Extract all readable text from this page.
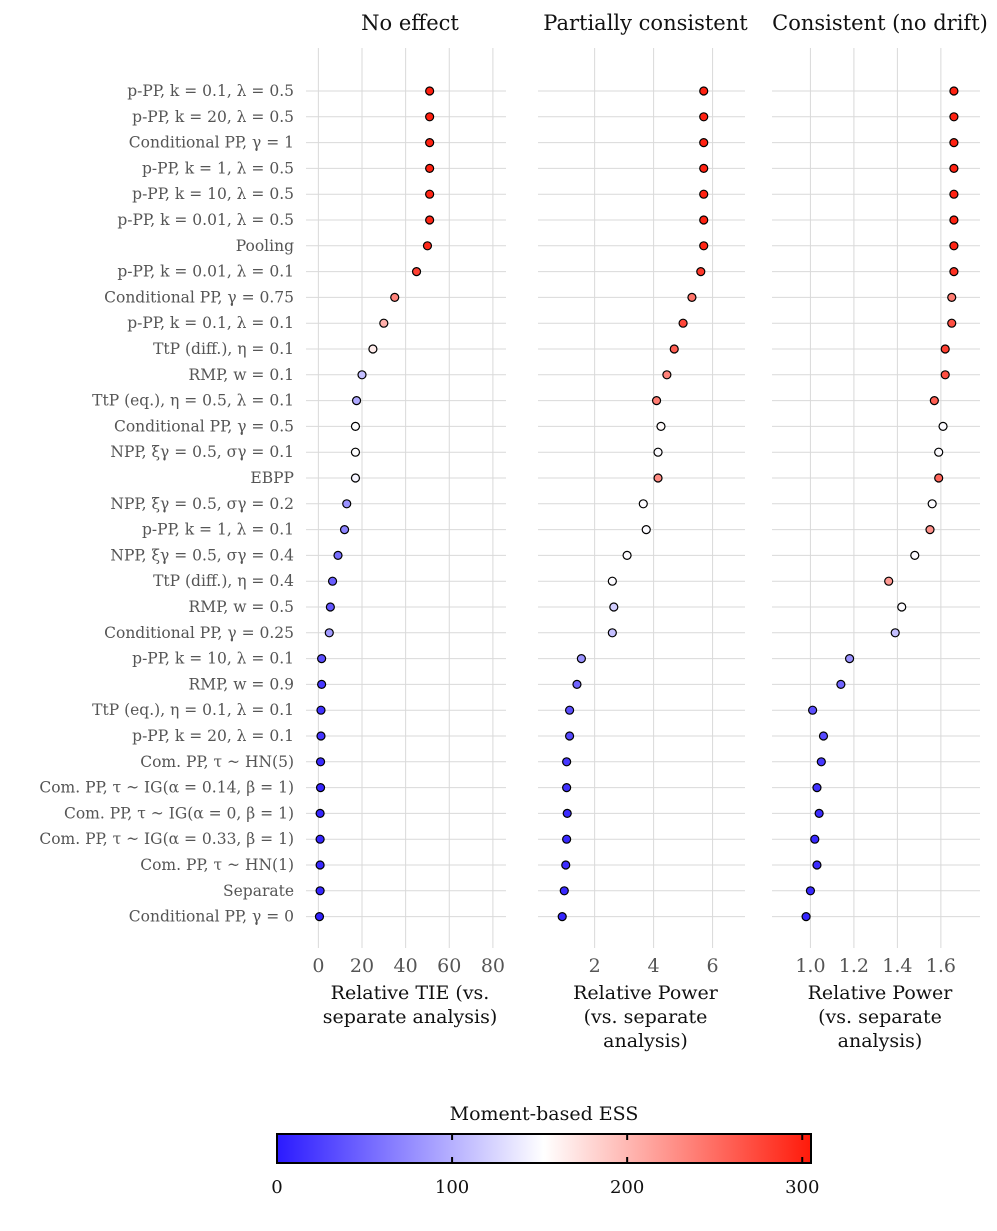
p-PP, k = 0.1, λ = 0.5
p-PP, k = 20, λ = 0.5
Conditional PP, γ = 1
p-PP, k = 1, λ = 0.5
p-PP, k = 10, λ = 0.5
p-PP, k = 0.01, λ = 0.5
Pooling
p-PP, k = 0.01, λ = 0.1
Conditional PP, γ = 0.75
p-PP, k = 0.1, λ = 0.1
TtP (diff.), η = 0.1
RMP, w = 0.1
TtP (eq.), η = 0.5, λ = 0.1
Conditional PP, γ = 0.5
NPP, ξγ = 0.5, σγ = 0.1
EBPP
NPP, ξγ = 0.5, σγ = 0.2
p-PP, k = 1, λ = 0.1
NPP, ξγ = 0.5, σγ = 0.4
TtP (diff.), η = 0.4
RMP, w = 0.5
Conditional PP, γ = 0.25
p-PP, k = 10, λ = 0.1
RMP, w = 0.9
TtP (eq.), η = 0.1, λ = 0.1
p-PP, k = 20, λ = 0.1
Com. PP, τ ~ HN(5)
Com. PP, τ ~ IG(α = 0.14, β = 1)
Com. PP, τ ~ IG(α = 0, β = 1)
Com. PP, τ ~ IG(α = 0.33, β = 1)
Com. PP, τ ~ HN(1)
Separate
Conditional PP, γ = 0
No effect
0 20 40 60 80
Relative TIE (vs.
separate analysis)
Partially consistent
2 4 6
Relative Power
(vs. separate
analysis)
Consistent (no drift)
1.0 1.2 1.4 1.6
Relative Power
(vs. separate
analysis)
Moment-based ESS
0	100	200	300
